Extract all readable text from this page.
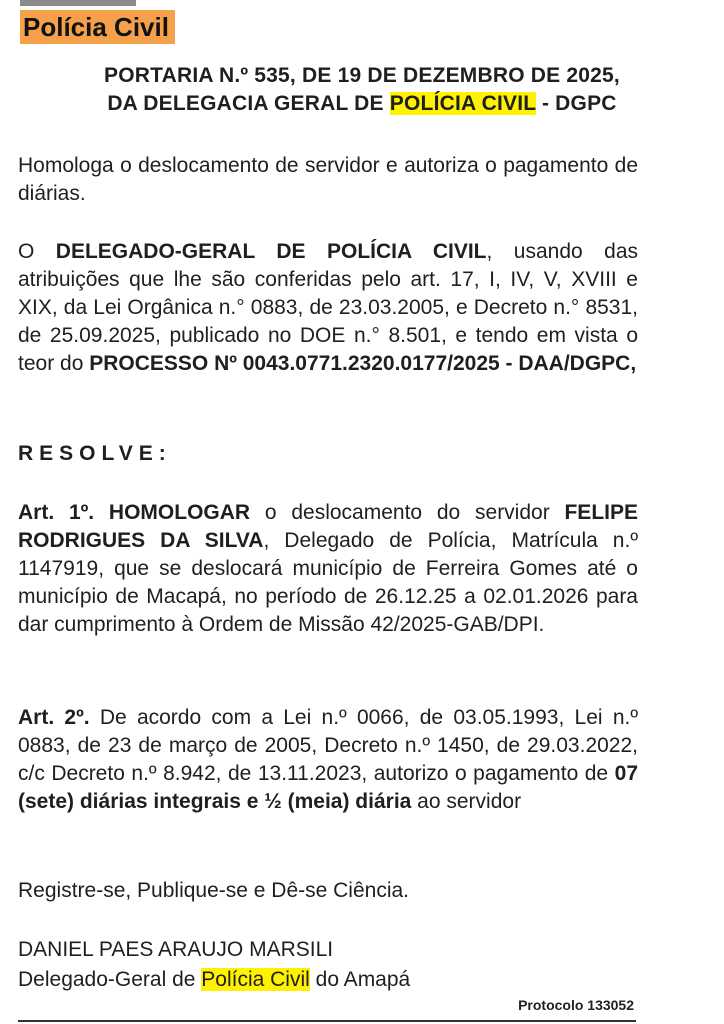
Polícia Civil
PORTARIA N.º 535, DE 19 DE DEZEMBRO DE 2025,
DA DELEGACIA GERAL DE POLÍCIA CIVIL - DGPC
Homologa o deslocamento de servidor e autoriza o pagamento de diárias.
O DELEGADO-GERAL DE POLÍCIA CIVIL, usando das atribuições que lhe são conferidas pelo art. 17, I, IV, V, XVIII e XIX, da Lei Orgânica n.° 0883, de 23.03.2005, e Decreto n.° 8531, de 25.09.2025, publicado no DOE n.° 8.501, e tendo em vista o teor do PROCESSO Nº 0043.0771.2320.0177/2025 - DAA/DGPC,
RESOLVE:
Art. 1º. HOMOLOGAR o deslocamento do servidor FELIPE RODRIGUES DA SILVA, Delegado de Polícia, Matrícula n.º 1147919, que se deslocará município de Ferreira Gomes até o município de Macapá, no período de 26.12.25 a 02.01.2026 para dar cumprimento à Ordem de Missão 42/2025-GAB/DPI.
Art. 2º. De acordo com a Lei n.º 0066, de 03.05.1993, Lei n.º 0883, de 23 de março de 2005, Decreto n.º 1450, de 29.03.2022, c/c Decreto n.º 8.942, de 13.11.2023, autorizo o pagamento de 07 (sete) diárias integrais e ½ (meia) diária ao servidor
Registre-se, Publique-se e Dê-se Ciência.
DANIEL PAES ARAUJO MARSILI
Delegado-Geral de Polícia Civil do Amapá
Protocolo 133052
